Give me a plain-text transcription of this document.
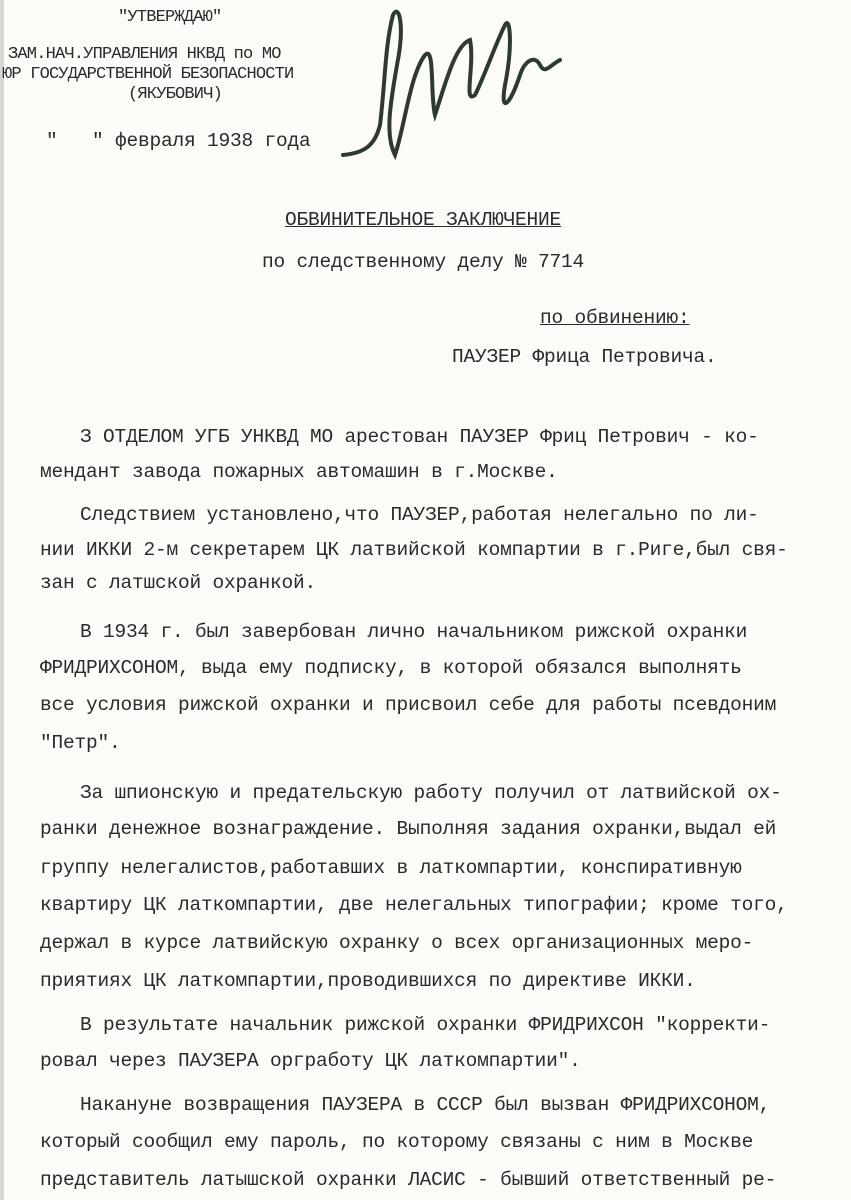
"УТВЕРЖДАЮ"
ЗАМ.НАЧ.УПРАВЛЕНИЯ НКВД по МО
ЮР ГОСУДАРСТВЕННОЙ БЕЗОПАСНОСТИ
(ЯКУБОВИЧ)
"   " февраля 1938 года
ОБВИНИТЕЛЬНОЕ ЗАКЛЮЧЕНИЕ
по следственному делу № 7714
по обвинению:
ПАУЗЕР Фрица Петровича.
З ОТДЕЛОМ УГБ УНКВД МО арестован ПАУЗЕР Фриц Петрович - ко-
мендант завода пожарных автомашин в г.Москве.
Следствием установлено,что ПАУЗЕР,работая нелегально по ли-
нии ИККИ 2-м секретарем ЦК латвийской компартии в г.Риге,был свя-
зан с латшской охранкой.
В 1934 г. был завербован лично начальником рижской охранки
ФРИДРИХСОНОМ, выда ему подписку, в которой обязался выполнять
все условия рижской охранки и присвоил себе для работы псевдоним
"Петр".
За шпионскую и предательскую работу получил от латвийской ох-
ранки денежное вознаграждение. Выполняя задания охранки,выдал ей
группу нелегалистов,работавших в латкомпартии, конспиративную
квартиру ЦК латкомпартии, две нелегальных типографии; кроме того,
держал в курсе латвийскую охранку о всех организационных меро-
приятиях ЦК латкомпартии,проводившихся по директиве ИККИ.
В результате начальник рижской охранки ФРИДРИХСОН "корректи-
ровал через ПАУЗЕРА оргработу ЦК латкомпартии".
Накануне возвращения ПАУЗЕРА в СССР был вызван ФРИДРИХСОНОМ,
который сообщил ему пароль, по которому связаны с ним в Москве
представитель латышской охранки ЛАСИС - бывший ответственный ре-
